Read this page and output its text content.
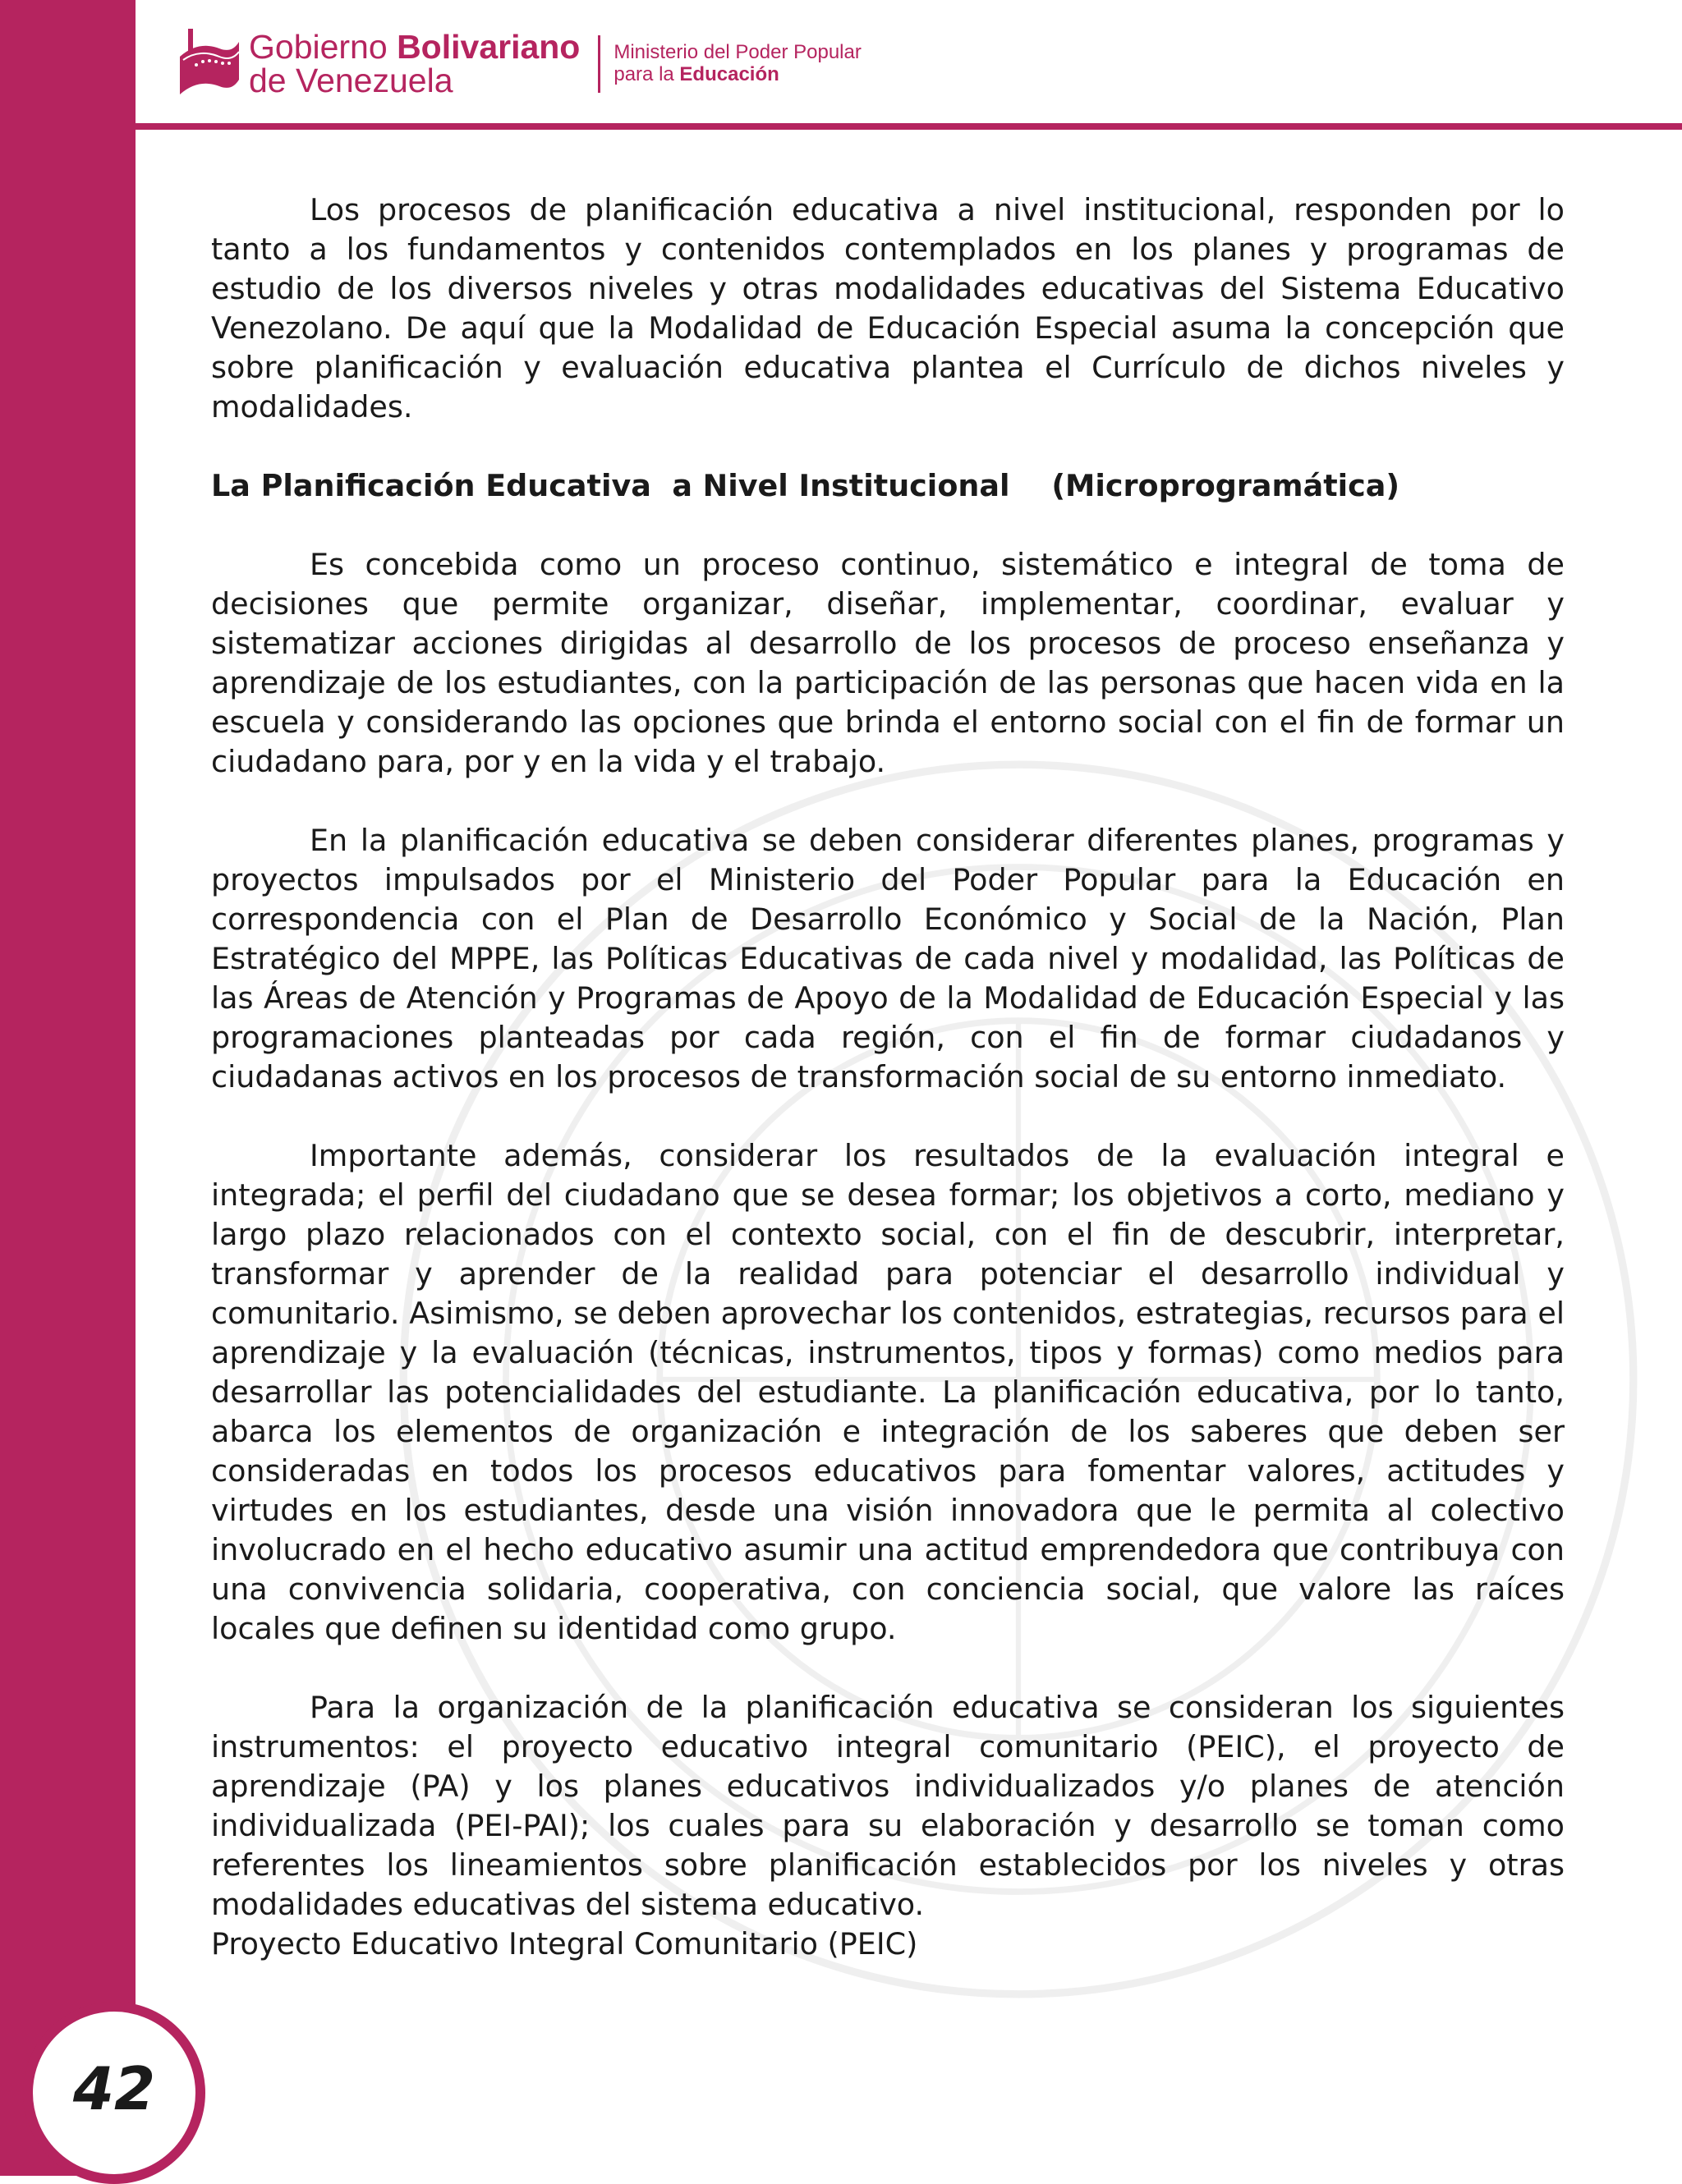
Gobierno Bolivariano
de Venezuela
Ministerio del Poder Popular
para la Educación

Los procesos de planificación educativa a nivel institucional, responden por lo tanto a los fundamentos y contenidos contemplados en los planes y programas de estudio de los diversos niveles y otras modalidades educativas del Sistema Educativo Venezolano. De aquí que la Modalidad de Educación Especial asuma la concepción que sobre planificación y evaluación educativa plantea el Currículo de dichos niveles y modalidades.

La Planificación Educativa  a Nivel Institucional    (Microprogramática)

Es concebida como un proceso continuo, sistemático e integral de toma de decisiones que permite organizar, diseñar, implementar, coordinar, evaluar y sistematizar acciones dirigidas al desarrollo de los procesos de proceso enseñanza y aprendizaje de los estudiantes, con la participación de las personas que hacen vida en la escuela y considerando las opciones que brinda el entorno social con el fin de formar un ciudadano para, por y en la vida y el trabajo.

En la planificación educativa se deben considerar diferentes planes, programas y proyectos impulsados por el Ministerio del Poder Popular para la Educación en correspondencia con el Plan de Desarrollo Económico y Social de la Nación, Plan Estratégico del MPPE, las Políticas Educativas de cada nivel y modalidad, las Políticas de las Áreas de Atención y Programas de Apoyo de la Modalidad de Educación Especial y las programaciones planteadas por cada región, con el fin de formar ciudadanos y ciudadanas activos en los procesos de transformación social de su entorno inmediato.

Importante además, considerar los resultados de la evaluación integral e integrada; el perfil del ciudadano que se desea formar; los objetivos a corto, mediano y largo plazo relacionados con el contexto social, con el fin de descubrir, interpretar, transformar y aprender de la realidad para potenciar el desarrollo individual y comunitario. Asimismo, se deben aprovechar los contenidos, estrategias, recursos para el aprendizaje y la evaluación (técnicas, instrumentos, tipos y formas) como medios para desarrollar las potencialidades del estudiante. La planificación educativa, por lo tanto, abarca los elementos de organización e integración de los saberes que deben ser consideradas en todos los procesos educativos para fomentar valores, actitudes y virtudes en los estudiantes, desde una visión innovadora que le permita al colectivo involucrado en el hecho educativo asumir una actitud emprendedora que contribuya con una convivencia solidaria, cooperativa, con conciencia social, que valore las raíces locales que definen su identidad como grupo.

Para la organización de la planificación educativa se consideran los siguientes instrumentos: el proyecto educativo integral comunitario (PEIC), el proyecto de aprendizaje (PA) y los planes educativos individualizados y/o planes de atención individualizada (PEI-PAI); los cuales para su elaboración y desarrollo se toman como referentes los lineamientos sobre planificación establecidos por los niveles y otras modalidades educativas del sistema educativo.

Proyecto Educativo Integral Comunitario (PEIC)

42
